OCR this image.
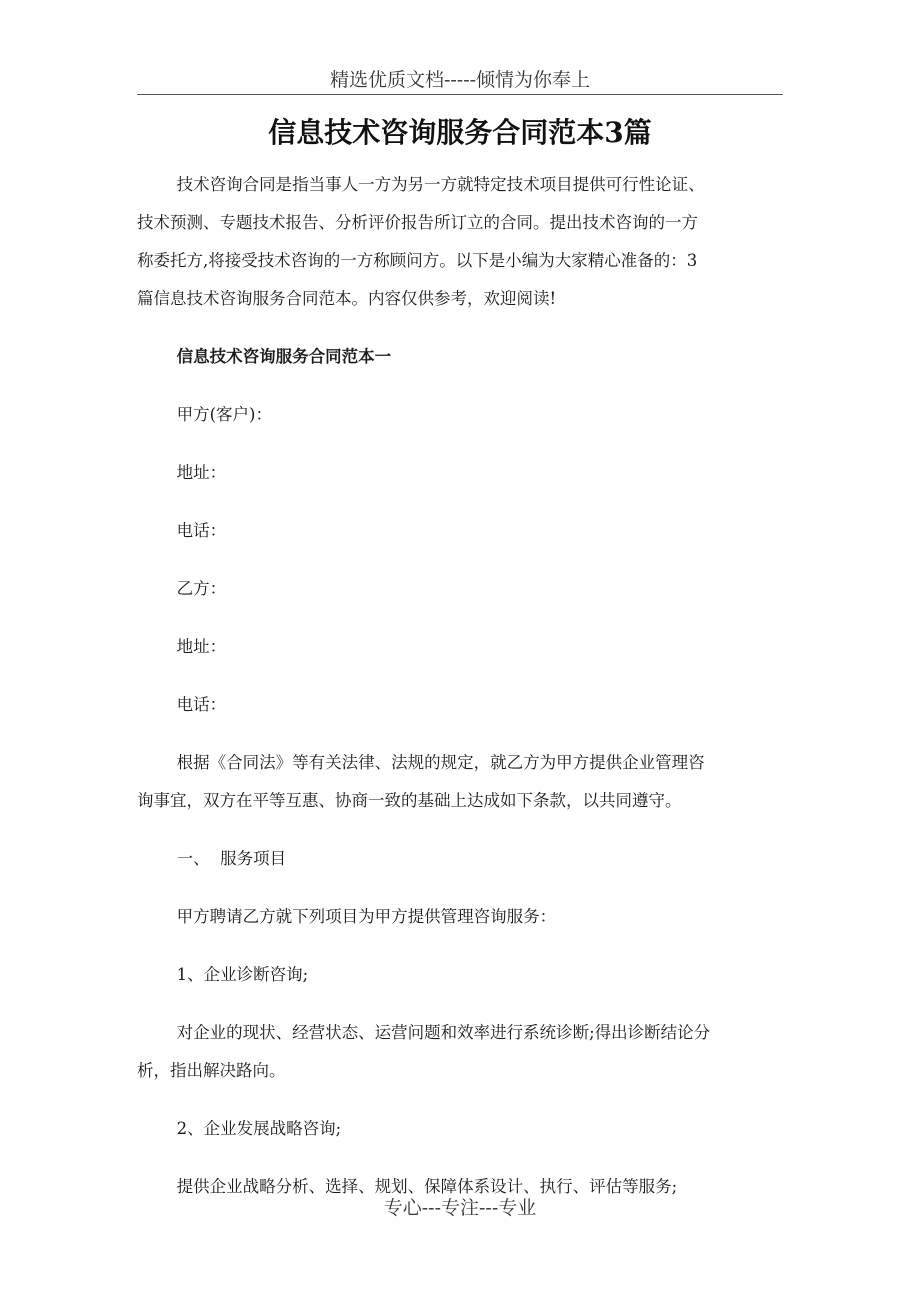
精选优质文档-----倾情为你奉上
信息技术咨询服务合同范本3篇

技术咨询合同是指当事人一方为另一方就特定技术项目提供可行性论证、

技术预测、专题技术报告、分析评价报告所订立的合同。提出技术咨询的一方

称委托方,将接受技术咨询的一方称顾问方。以下是小编为大家精心准备的：3

篇信息技术咨询服务合同范本。内容仅供参考，欢迎阅读!

信息技术咨询服务合同范本一

甲方(客户)：

地址：

电话：

乙方：

地址：

电话：

根据《合同法》等有关法律、法规的规定，就乙方为甲方提供企业管理咨

询事宜，双方在平等互惠、协商一致的基础上达成如下条款，以共同遵守。

一、  服务项目

甲方聘请乙方就下列项目为甲方提供管理咨询服务：

1、企业诊断咨询;

对企业的现状、经营状态、运营问题和效率进行系统诊断;得出诊断结论分

析，指出解决路向。

2、企业发展战略咨询;

提供企业战略分析、选择、规划、保障体系设计、执行、评估等服务;

专心---专注---专业
